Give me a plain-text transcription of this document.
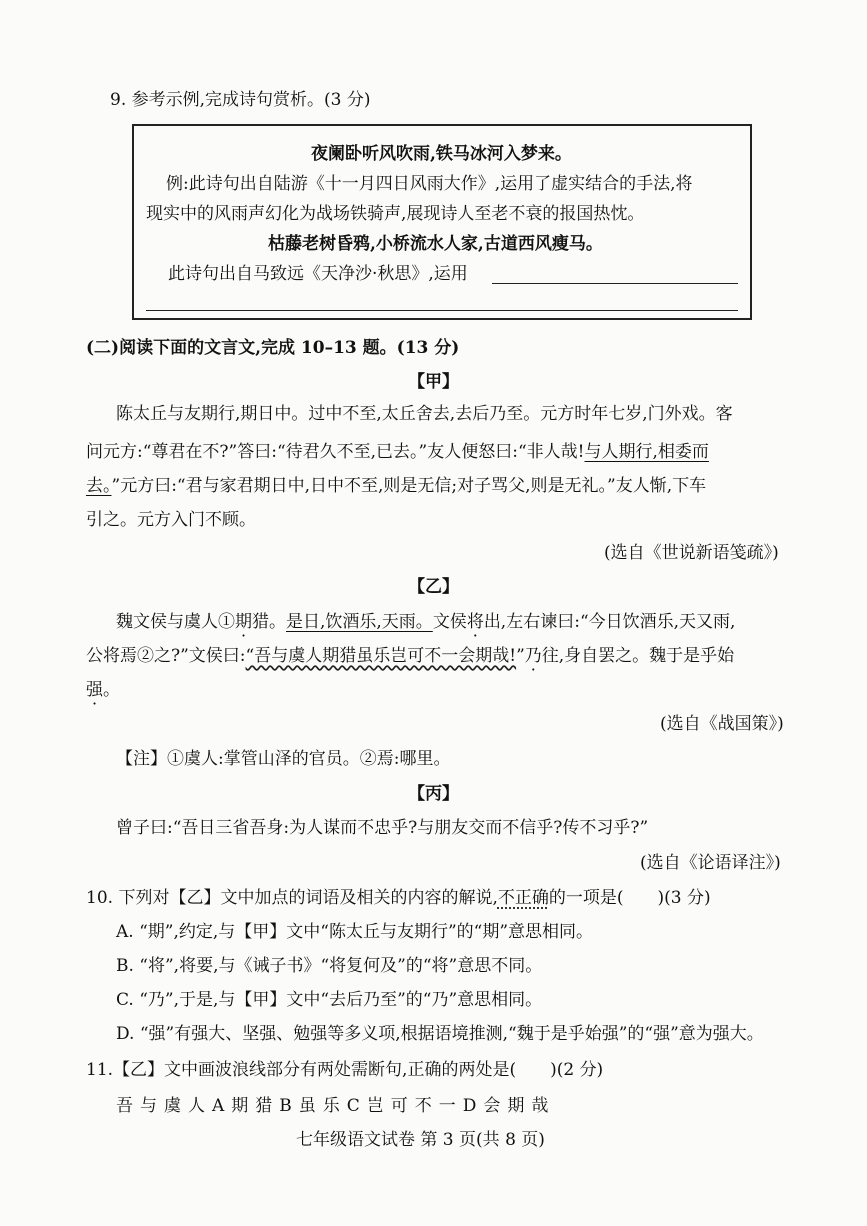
9. 参考示例,完成诗句赏析。(3 分)
夜阑卧听风吹雨,铁马冰河入梦来。
例:此诗句出自陆游《十一月四日风雨大作》,运用了虚实结合的手法,将
现实中的风雨声幻化为战场铁骑声,展现诗人至老不衰的报国热忱。
枯藤老树昏鸦,小桥流水人家,古道西风瘦马。
此诗句出自马致远《天净沙·秋思》,运用
(二)阅读下面的文言文,完成 10–13 题。(13 分)
【甲】
陈太丘与友期行,期日中。过中不至,太丘舍去,去后乃至。元方时年七岁,门外戏。客
问元方:“尊君在不?”答曰:“待君久不至,已去。”友人便怒曰:“非人哉!与人期行,相委而
去。”元方曰:“君与家君期日中,日中不至,则是无信;对子骂父,则是无礼。”友人惭,下车
引之。元方入门不顾。
(选自《世说新语笺疏》)
【乙】
魏文侯与虞人①期猎。是日,饮酒乐,天雨。文侯将出,左右谏曰:“今日饮酒乐,天又雨,
公将焉②之?”文侯曰:“吾与虞人期猎虽乐岂可不一会期哉!”乃往,身自罢之。魏于是乎始
强。
(选自《战国策》)
【注】①虞人:掌管山泽的官员。②焉:哪里。
【丙】
曾子曰:“吾日三省吾身:为人谋而不忠乎?与朋友交而不信乎?传不习乎?”
(选自《论语译注》)
10. 下列对【乙】文中加点的词语及相关的内容的解说,不正确的一项是( )(3 分)
A. “期”,约定,与【甲】文中“陈太丘与友期行”的“期”意思相同。
B. “将”,将要,与《诫子书》“将复何及”的“将”意思不同。
C. “乃”,于是,与【甲】文中“去后乃至”的“乃”意思相同。
D. “强”有强大、坚强、勉强等多义项,根据语境推测,“魏于是乎始强”的“强”意为强大。
11.【乙】文中画波浪线部分有两处需断句,正确的两处是( )(2 分)
吾与虞人A期猎B虽乐C岂可不一D会期哉
七年级语文试卷 第 3 页(共 8 页)
